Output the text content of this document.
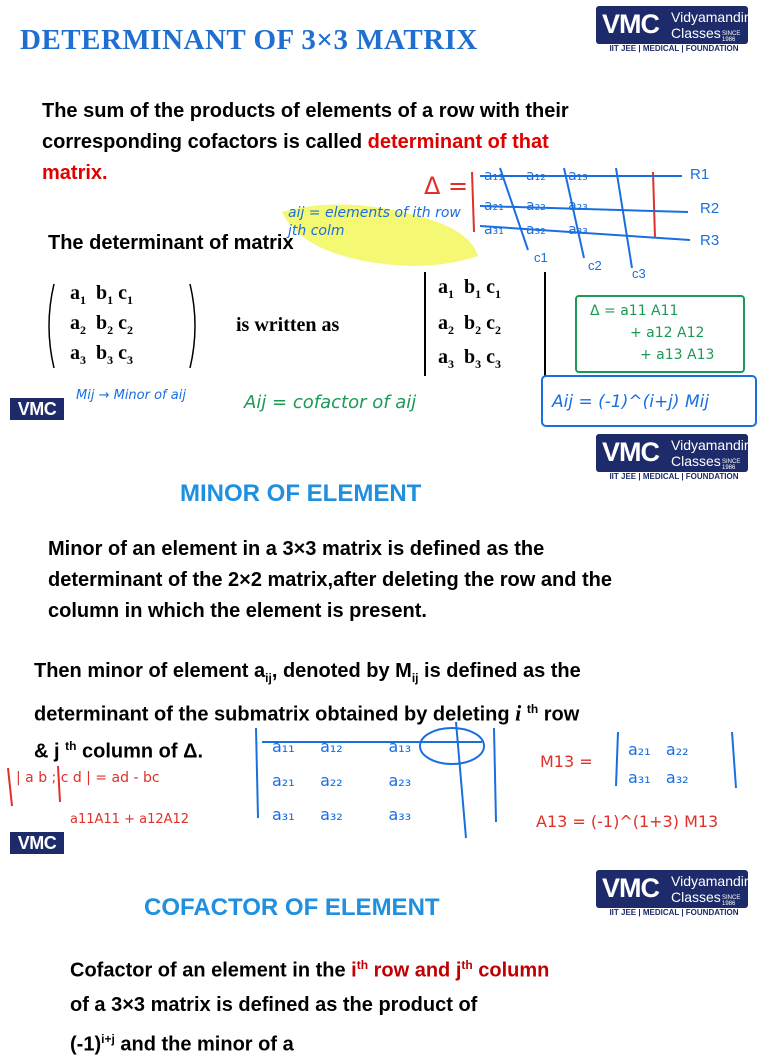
DETERMINANT OF 3×3 MATRIX	VMC Vidyamandir
Classes SINCE 1986
IIT JEE | MEDICAL | FOUNDATION
The sum of the products of elements of a row with their
corresponding cofactors is called determinant of that
matrix.
The determinant of matrix
$a_1$ $b_1$ $c_1$
$a_2$ $b_2$ $c_2$
$a_3$ $b_3$ $c_3$
is written as
$a_1$ $b_1$ $c_1$
$a_2$ $b_2$ $c_2$
$a_3$ $b_3$ $c_3$
Δ = a₁₁     a₁₂     a₁₃
a₂₁     a₂₂     a₂₃
a₃₁     a₃₂     a₃₃
R1
R2
R3
c1
c2
c3
aij = elements of ith row jth colm
Δ = a11 A11
+ a12 A12
+ a13 A13
VMC
Mij → Minor of aij	Aij = cofactor of aij	Aij = (-1)^(i+j) Mij
VMC Vidyamandir
Classes SINCE 1986
IIT JEE | MEDICAL | FOUNDATION
MINOR OF ELEMENT
Minor of an element in a 3×3 matrix is defined as the
determinant of the 2×2 matrix,after deleting the row and the
column in which the element is present.
Then minor of element $a_{ij}$, denoted by $M_{ij}$ is defined as the
determinant of the submatrix obtained by deleting i $^{th}$ row
& j $^{th}$ column of Δ.	a₁₁     a₁₂         a₁₃
a₂₁     a₂₂         a₂₃
a₃₁     a₃₂         a₃₃
M13 =
a₂₁   a₂₂
a₃₁   a₃₂
A13 = (-1)^(1+3) M13
| a b ; c d | = ad - bc
a11A11 + a12A12
VMC
VMC Vidyamandir
Classes SINCE 1986
IIT JEE | MEDICAL | FOUNDATION
COFACTOR OF ELEMENT
Cofactor of an element in the $i^{th}$ row and $j^{th}$ column
of a 3×3 matrix is defined as the product of
$(-1)^{i+j}$ and the minor of a
